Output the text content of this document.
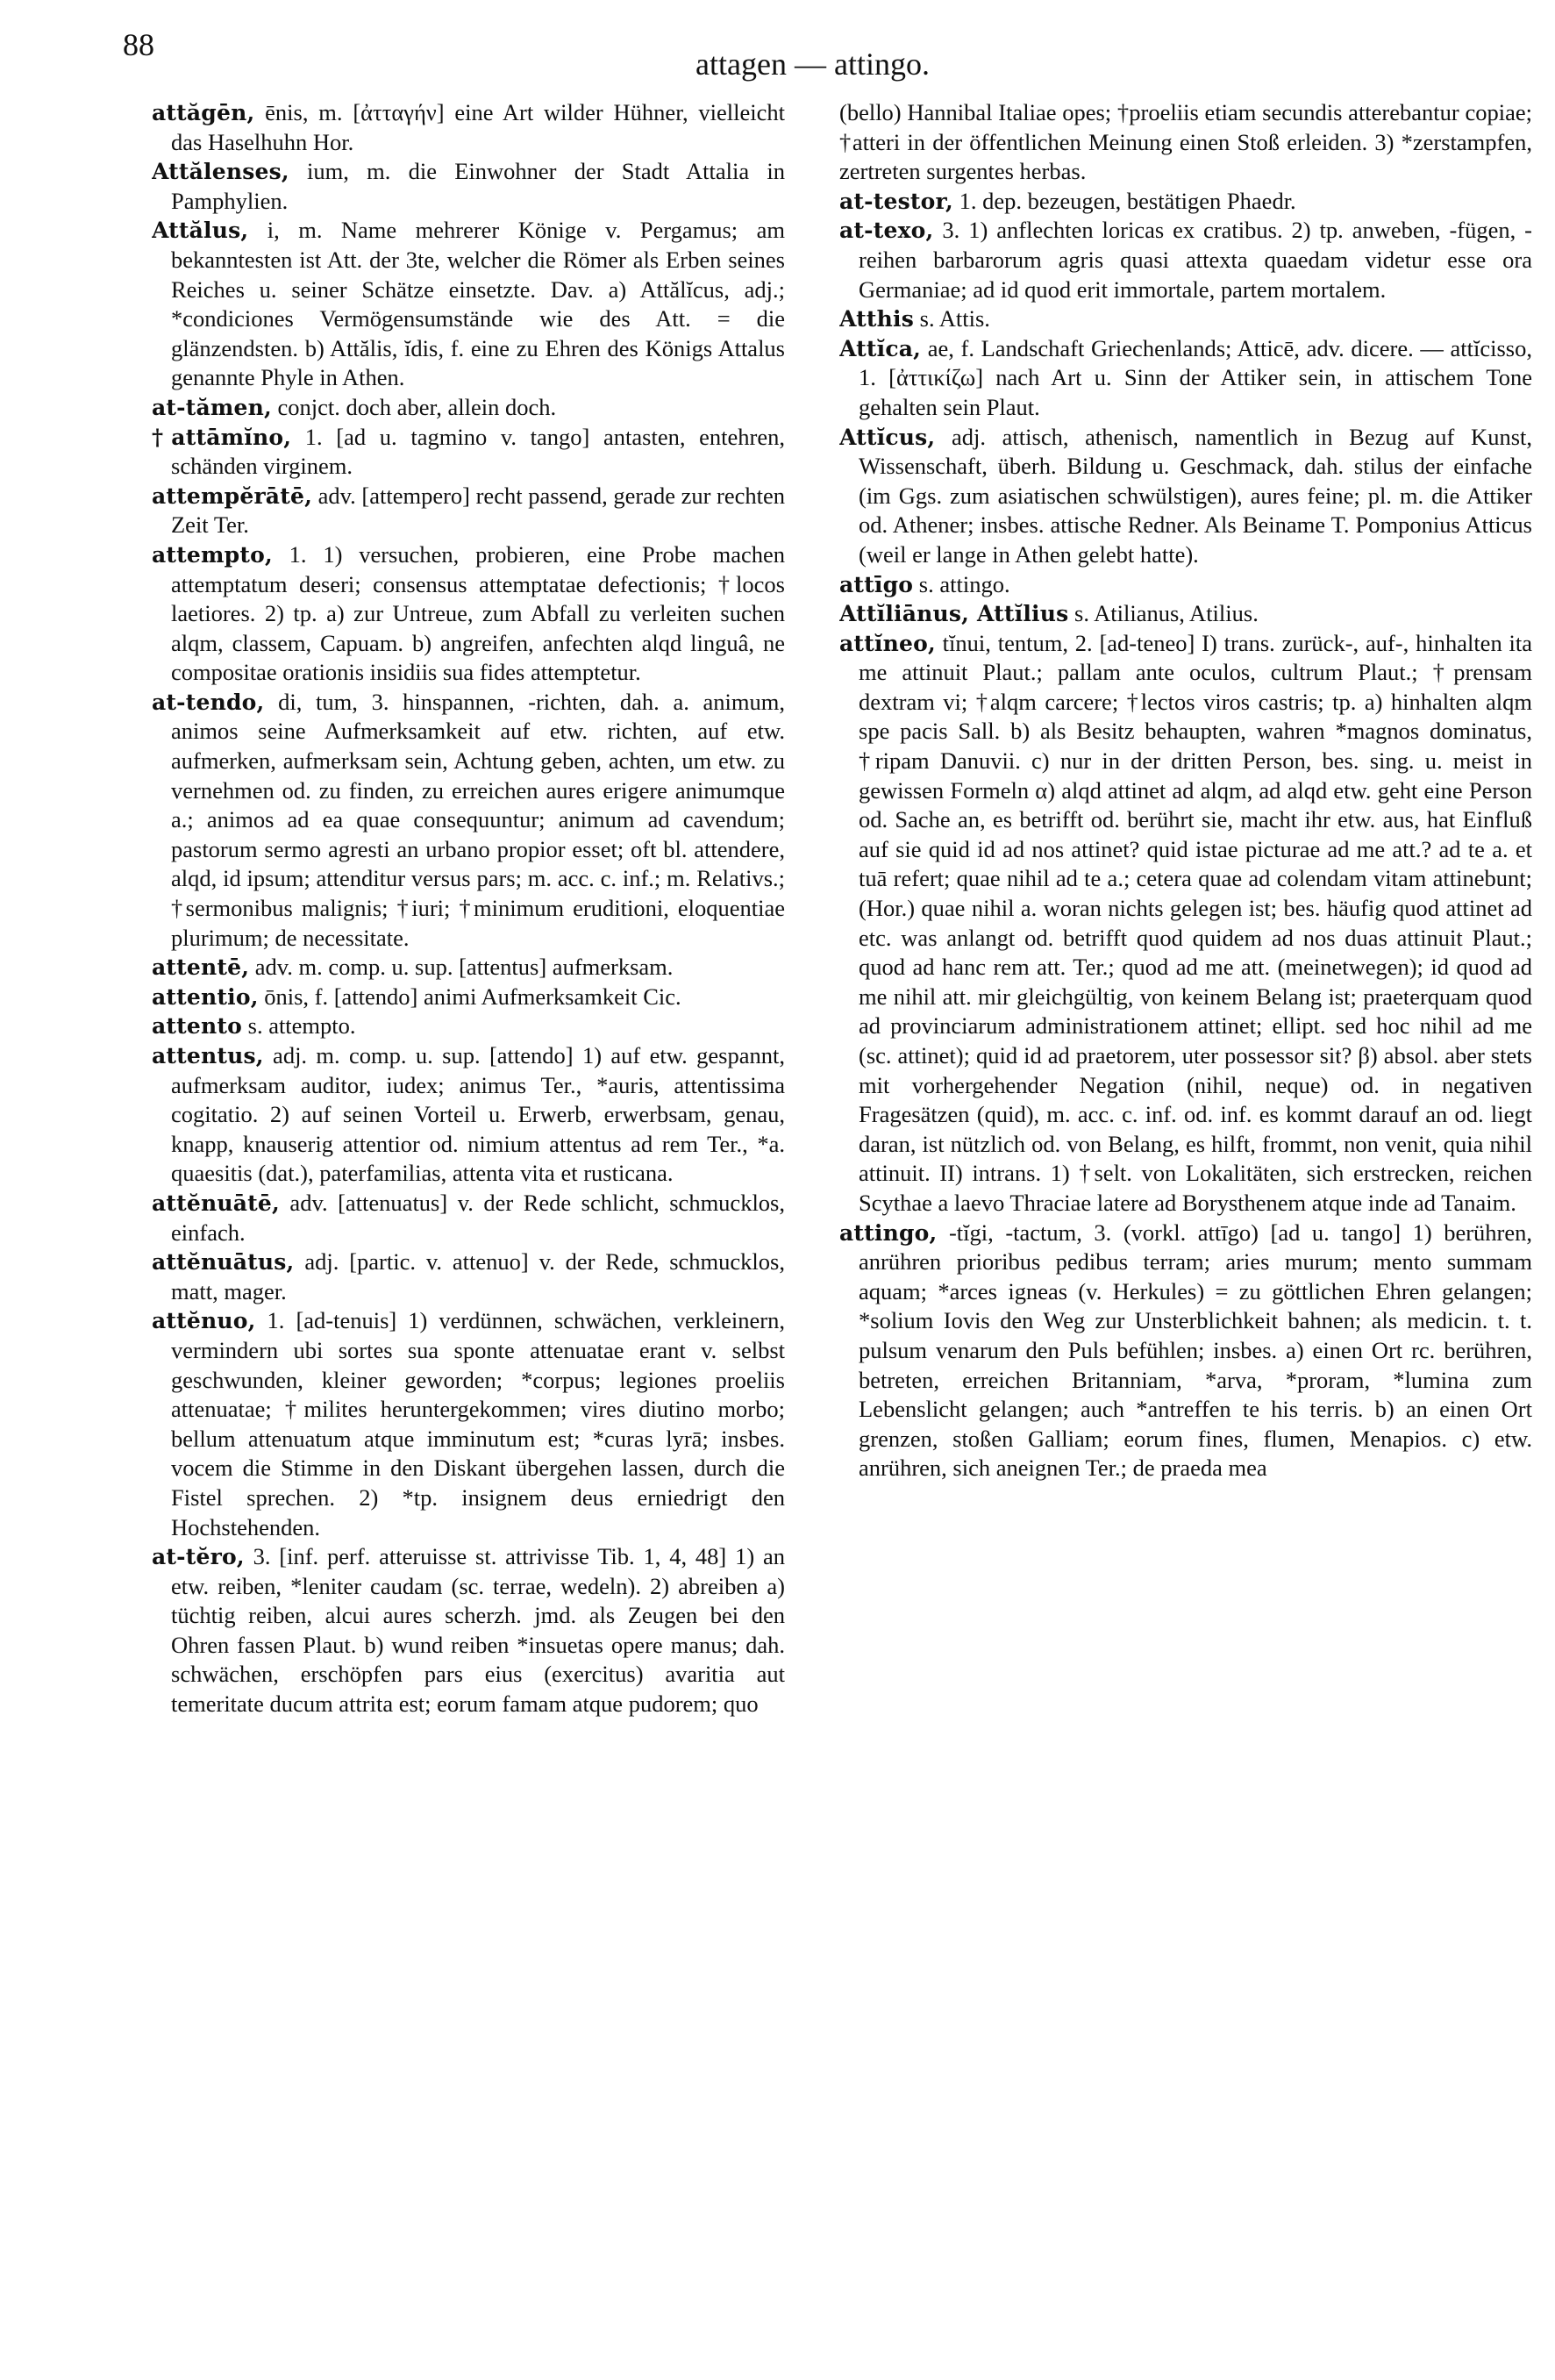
88
attagen — attingo.

attăgēn, ēnis, m. [ἀτταγήν] eine Art wilder Hühner, vielleicht das Haselhuhn Hor.

Attălenses, ium, m. die Einwohner der Stadt Attalia in Pamphylien.

Attălus, i, m. Name mehrerer Könige v. Pergamus; am bekanntesten ist Att. der 3te, welcher die Römer als Erben seines Reiches u. seiner Schätze einsetzte. Dav. a) Attălĭcus, adj.; *condiciones Vermögensumstände wie des Att. = die glänzendsten. b) Attălis, ĭdis, f. eine zu Ehren des Königs Attalus genannte Phyle in Athen.

at-tămen, conjct. doch aber, allein doch.

†attāmĭno, 1. [ad u. tagmino v. tango] antasten, entehren, schänden virginem.

attempĕrātē, adv. [attempero] recht passend, gerade zur rechten Zeit Ter.

attempto, 1. 1) versuchen, probieren, eine Probe machen attemptatum deseri; consensus attemptatae defectionis; †locos laetiores. 2) tp. a) zur Untreue, zum Abfall zu verleiten suchen alqm, classem, Capuam. b) angreifen, anfechten alqd linguâ, ne compositae orationis insidiis sua fides attemptetur.

at-tendo, di, tum, 3. hinspannen, -richten, dah. a. animum, animos seine Aufmerksamkeit auf etw. richten, auf etw. aufmerken, aufmerksam sein, Achtung geben, achten, um etw. zu vernehmen od. zu finden, zu erreichen aures erigere animumque a.; animos ad ea quae consequuntur; animum ad cavendum; pastorum sermo agresti an urbano propior esset; oft bl. attendere, alqd, id ipsum; attenditur versus pars; m. acc. c. inf.; m. Relativs.; †sermonibus malignis; †iuri; †minimum eruditioni, eloquentiae plurimum; de necessitate.

attentē, adv. m. comp. u. sup. [attentus] aufmerksam.

attentio, ōnis, f. [attendo] animi Aufmerksamkeit Cic.

attento s. attempto.

attentus, adj. m. comp. u. sup. [attendo] 1) auf etw. gespannt, aufmerksam auditor, iudex; animus Ter., *auris, attentissima cogitatio. 2) auf seinen Vorteil u. Erwerb, erwerbsam, genau, knapp, knauserig attentior od. nimium attentus ad rem Ter., *a. quaesitis (dat.), paterfamilias, attenta vita et rusticana.

attĕnuātē, adv. [attenuatus] v. der Rede schlicht, schmucklos, einfach.

attĕnuātus, adj. [partic. v. attenuo] v. der Rede, schmucklos, matt, mager.

attĕnuo, 1. [ad-tenuis] 1) verdünnen, schwächen, verkleinern, vermindern ubi sortes sua sponte attenuatae erant v. selbst geschwunden, kleiner geworden; *corpus; legiones proeliis attenuatae; †milites heruntergekommen; vires diutino morbo; bellum attenuatum atque imminutum est; *curas lyrā; insbes. vocem die Stimme in den Diskant übergehen lassen, durch die Fistel sprechen. 2) *tp. insignem deus erniedrigt den Hochstehenden.

at-tĕro, 3. [inf. perf. atteruisse st. attrivisse Tib. 1, 4, 48] 1) an etw. reiben, *leniter caudam (sc. terrae, wedeln). 2) abreiben a) tüchtig reiben, alcui aures scherzh. jmd. als Zeugen bei den Ohren fassen Plaut. b) wund reiben *insuetas opere manus; dah. schwächen, erschöpfen pars eius (exercitus) avaritia aut temeritate ducum attrita est; eorum famam atque pudorem; quo

(bello) Hannibal Italiae opes; †proeliis etiam secundis atterebantur copiae; †atteri in der öffentlichen Meinung einen Stoß erleiden. 3) *zerstampfen, zertreten surgentes herbas.

at-testor, 1. dep. bezeugen, bestätigen Phaedr.

at-texo, 3. 1) anflechten loricas ex cratibus. 2) tp. anweben, -fügen, -reihen barbarorum agris quasi attexta quaedam videtur esse ora Germaniae; ad id quod erit immortale, partem mortalem.

Atthis s. Attis.

Attĭca, ae, f. Landschaft Griechenlands; Atticē, adv. dicere. — attĭcisso, 1. [ἀττικίζω] nach Art u. Sinn der Attiker sein, in attischem Tone gehalten sein Plaut.

Attĭcus, adj. attisch, athenisch, namentlich in Bezug auf Kunst, Wissenschaft, überh. Bildung u. Geschmack, dah. stilus der einfache (im Ggs. zum asiatischen schwülstigen), aures feine; pl. m. die Attiker od. Athener; insbes. attische Redner. Als Beiname T. Pomponius Atticus (weil er lange in Athen gelebt hatte).

attīgo s. attingo.

Attĭliānus, Attĭlius s. Atilianus, Atilius.

attĭneo, tĭnui, tentum, 2. [ad-teneo] I) trans. zurück-, auf-, hinhalten ita me attinuit Plaut.; pallam ante oculos, cultrum Plaut.; †prensam dextram vi; †alqm carcere; †lectos viros castris; tp. a) hinhalten alqm spe pacis Sall. b) als Besitz behaupten, wahren *magnos dominatus, †ripam Danuvii. c) nur in der dritten Person, bes. sing. u. meist in gewissen Formeln α) alqd attinet ad alqm, ad alqd etw. geht eine Person od. Sache an, es betrifft od. berührt sie, macht ihr etw. aus, hat Einfluß auf sie quid id ad nos attinet? quid istae picturae ad me att.? ad te a. et tuā refert; quae nihil ad te a.; cetera quae ad colendam vitam attinebunt; (Hor.) quae nihil a. woran nichts gelegen ist; bes. häufig quod attinet ad etc. was anlangt od. betrifft quod quidem ad nos duas attinuit Plaut.; quod ad hanc rem att. Ter.; quod ad me att. (meinetwegen); id quod ad me nihil att. mir gleichgültig, von keinem Belang ist; praeterquam quod ad provinciarum administrationem attinet; ellipt. sed hoc nihil ad me (sc. attinet); quid id ad praetorem, uter possessor sit? β) absol. aber stets mit vorhergehender Negation (nihil, neque) od. in negativen Fragesätzen (quid), m. acc. c. inf. od. inf. es kommt darauf an od. liegt daran, ist nützlich od. von Belang, es hilft, frommt, non venit, quia nihil attinuit. II) intrans. 1) †selt. von Lokalitäten, sich erstrecken, reichen Scythae a laevo Thraciae latere ad Borysthenem atque inde ad Tanaim.

attingo, -tĭgi, -tactum, 3. (vorkl. attīgo) [ad u. tango] 1) berühren, anrühren prioribus pedibus terram; aries murum; mento summam aquam; *arces igneas (v. Herkules) = zu göttlichen Ehren gelangen; *solium Iovis den Weg zur Unsterblichkeit bahnen; als medicin. t. t. pulsum venarum den Puls befühlen; insbes. a) einen Ort rc. berühren, betreten, erreichen Britanniam, *arva, *proram, *lumina zum Lebenslicht gelangen; auch *antreffen te his terris. b) an einen Ort grenzen, stoßen Galliam; eorum fines, flumen, Menapios. c) etw. anrühren, sich aneignen Ter.; de praeda mea
